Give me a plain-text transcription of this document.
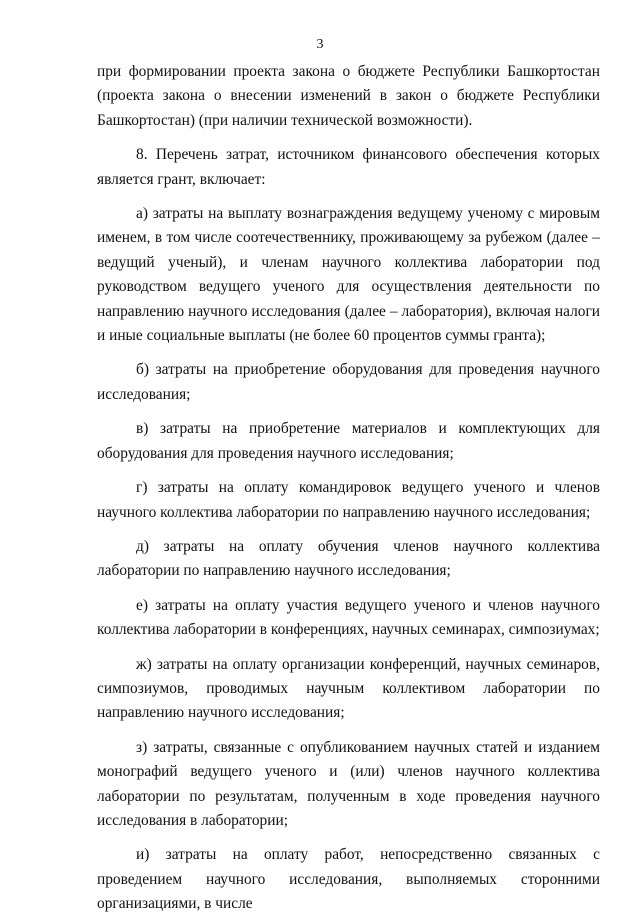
3

при формировании проекта закона о бюджете Республики Башкортостан (проекта закона о внесении изменений в закон о бюджете Республики Башкортостан) (при наличии технической возможности).

8. Перечень затрат, источником финансового обеспечения которых является грант, включает:

а) затраты на выплату вознаграждения ведущему ученому с мировым именем, в том числе соотечественнику, проживающему за рубежом (далее – ведущий ученый), и членам научного коллектива лаборатории под руководством ведущего ученого для осуществления деятельности по направлению научного исследования (далее – лаборатория), включая налоги и иные социальные выплаты (не более 60 процентов суммы гранта);

б) затраты на приобретение оборудования для проведения научного исследования;

в) затраты на приобретение материалов и комплектующих для оборудования для проведения научного исследования;

г) затраты на оплату командировок ведущего ученого и членов научного коллектива лаборатории по направлению научного исследования;

д) затраты на оплату обучения членов научного коллектива лаборатории по направлению научного исследования;

е) затраты на оплату участия ведущего ученого и членов научного коллектива лаборатории в конференциях, научных семинарах, симпозиумах;

ж) затраты на оплату организации конференций, научных семинаров, симпозиумов, проводимых научным коллективом лаборатории по направлению научного исследования;

з) затраты, связанные с опубликованием научных статей и изданием монографий ведущего ученого и (или) членов научного коллектива лаборатории по результатам, полученным в ходе проведения научного исследования в лаборатории;

и) затраты на оплату работ, непосредственно связанных с проведением научного исследования, выполняемых сторонними организациями, в числе
